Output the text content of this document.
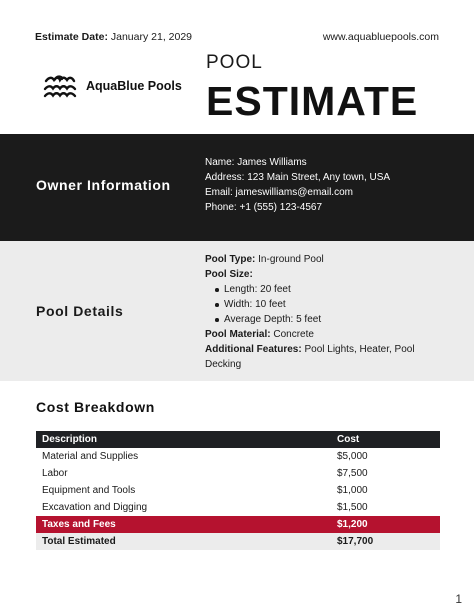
Estimate Date: January 21, 2029	www.aquabluepools.com
AquaBlue Pools
POOL
ESTIMATE
Owner Information
Name: James Williams
Address: 123 Main Street, Any town, USA
Email: jameswilliams@email.com
Phone: +1 (555) 123-4567
Pool Details
Pool Type: In-ground Pool
Pool Size:
Length: 20 feet
Width: 10 feet
Average Depth: 5 feet
Pool Material: Concrete
Additional Features: Pool Lights, Heater, Pool Decking
Cost Breakdown
Description	Cost
Material and Supplies	$5,000
Labor	$7,500
Equipment and Tools	$1,000
Excavation and Digging	$1,500
Taxes and Fees	$1,200
Total Estimated	$17,700
1
